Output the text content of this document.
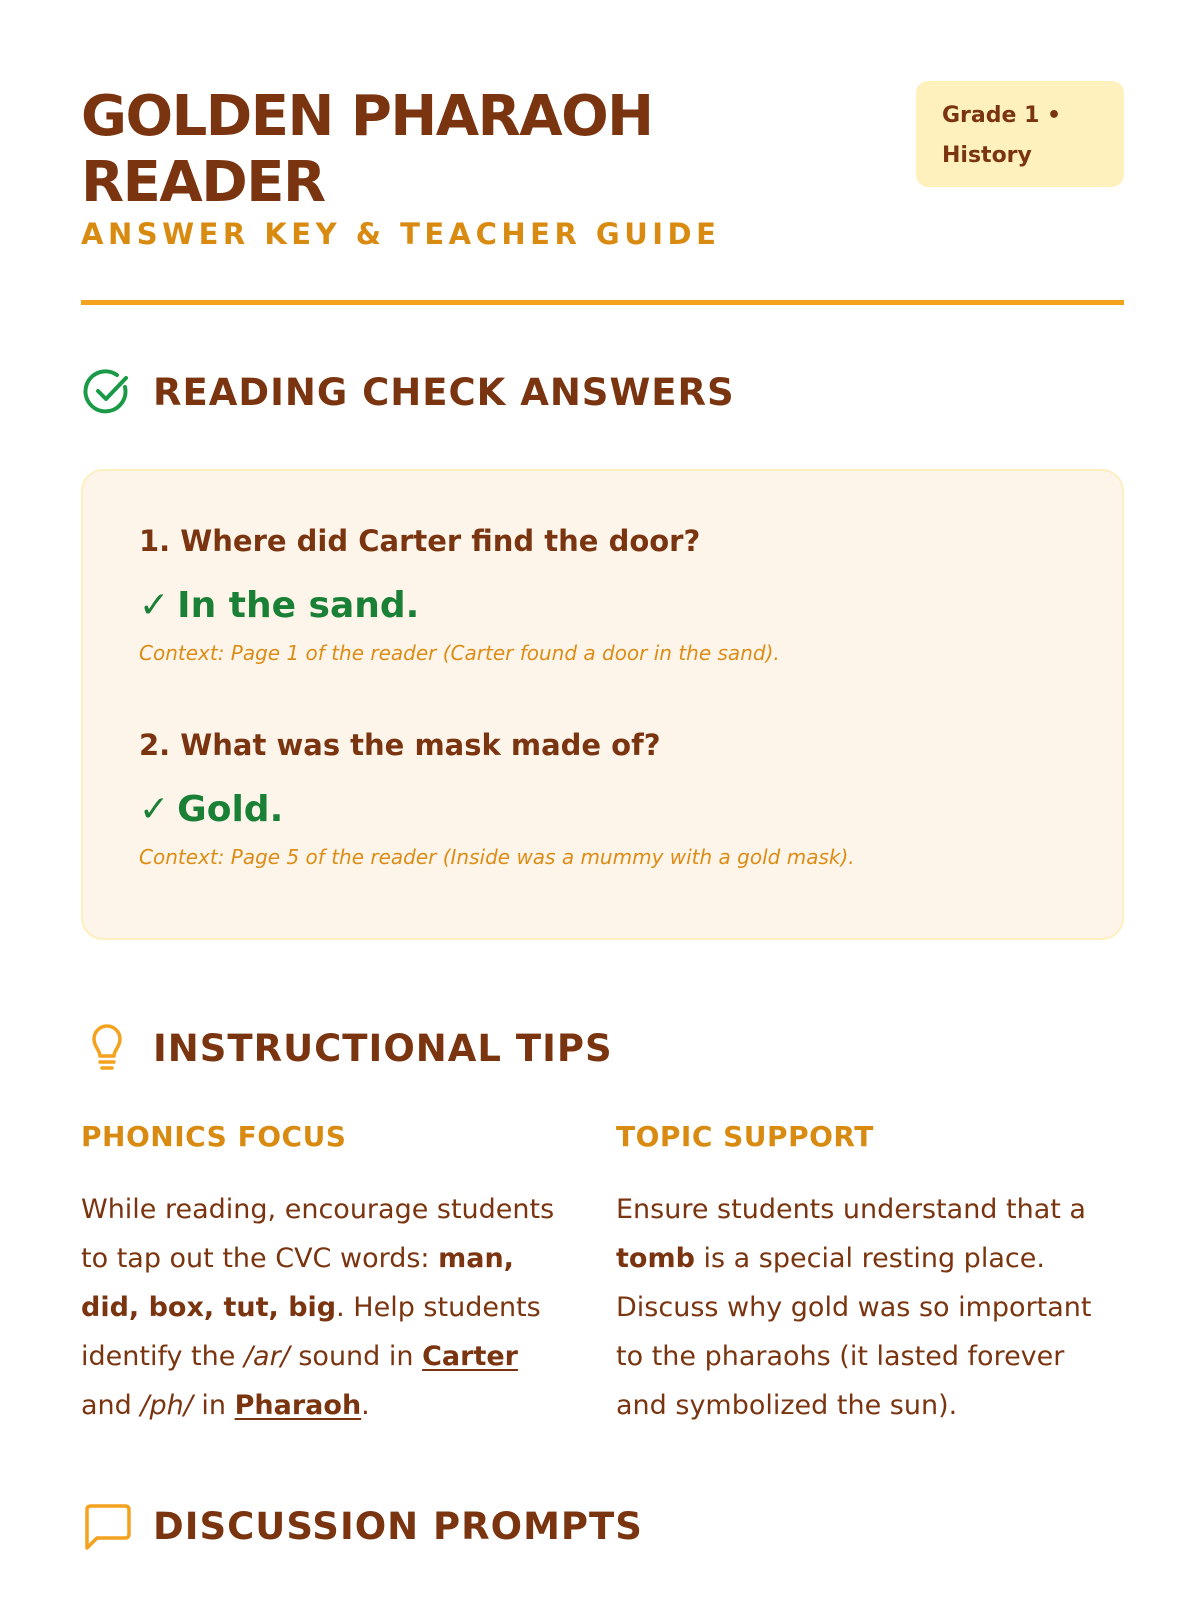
GOLDEN PHARAOH READER
ANSWER KEY & TEACHER GUIDE
Grade 1 •
History
READING CHECK ANSWERS
1. Where did Carter find the door?
✓ In the sand.
Context: Page 1 of the reader (Carter found a door in the sand).
2. What was the mask made of?
✓ Gold.
Context: Page 5 of the reader (Inside was a mummy with a gold mask).
INSTRUCTIONAL TIPS
PHONICS FOCUS

While reading, encourage students to tap out the CVC words: man, did, box, tut, big. Help students identify the /ar/ sound in Carter and /ph/ in Pharaoh.

TOPIC SUPPORT

Ensure students understand that a tomb is a special resting place. Discuss why gold was so important to the pharaohs (it lasted forever and symbolized the sun).

DISCUSSION PROMPTS
